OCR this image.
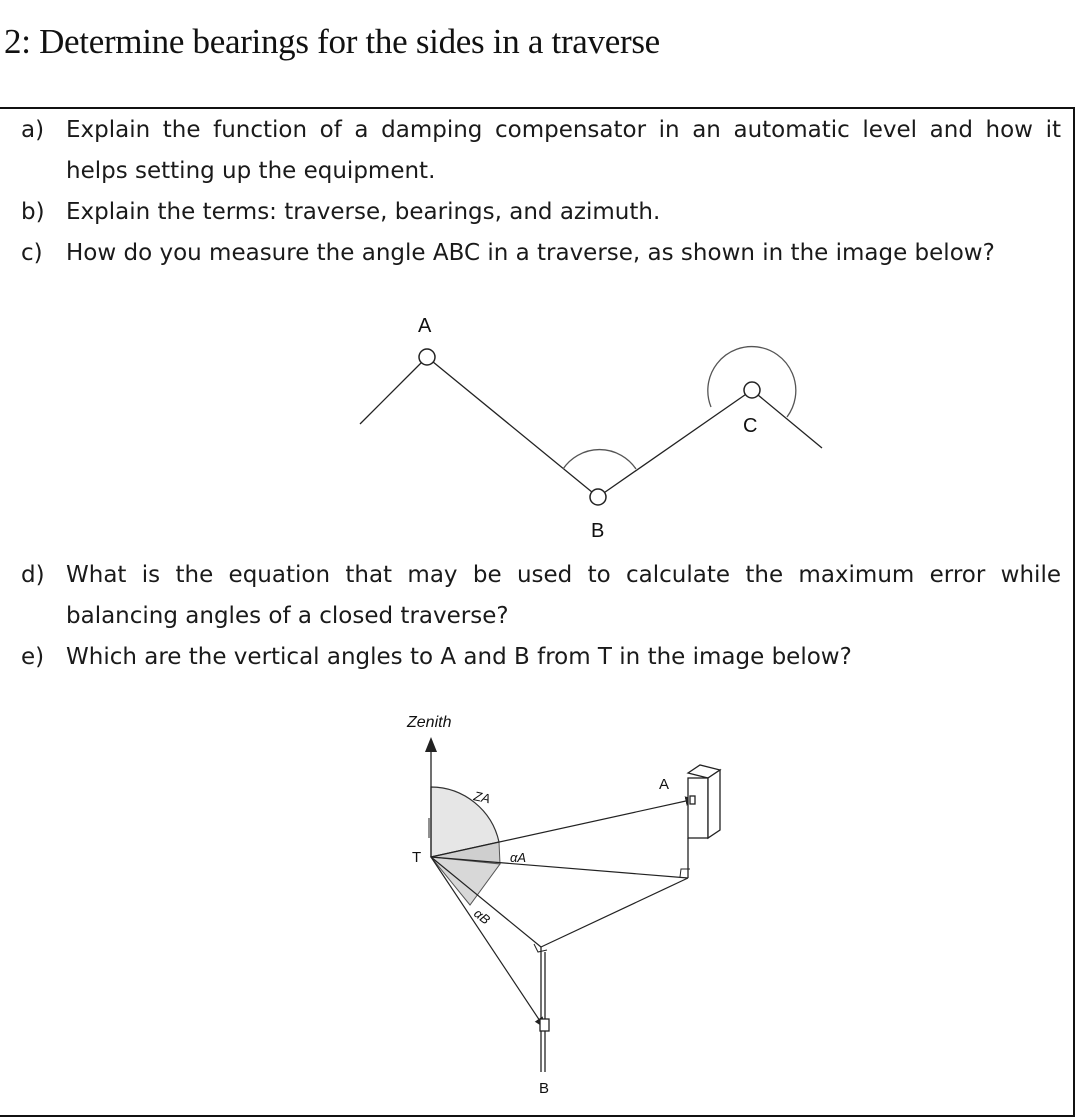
2: Determine bearings for the sides in a traverse
a) Explain the function of a damping compensator in an automatic level and how it
helps setting up the equipment.
b) Explain the terms: traverse, bearings, and azimuth.
c) How do you measure the angle ABC in a traverse, as shown in the image below?
A
B
C
d) What is the equation that may be used to calculate the maximum error while
balancing angles of a closed traverse?
e) Which are the vertical angles to A and B from T in the image below?
Zenith
T
A
B
ZA
αA
αB
